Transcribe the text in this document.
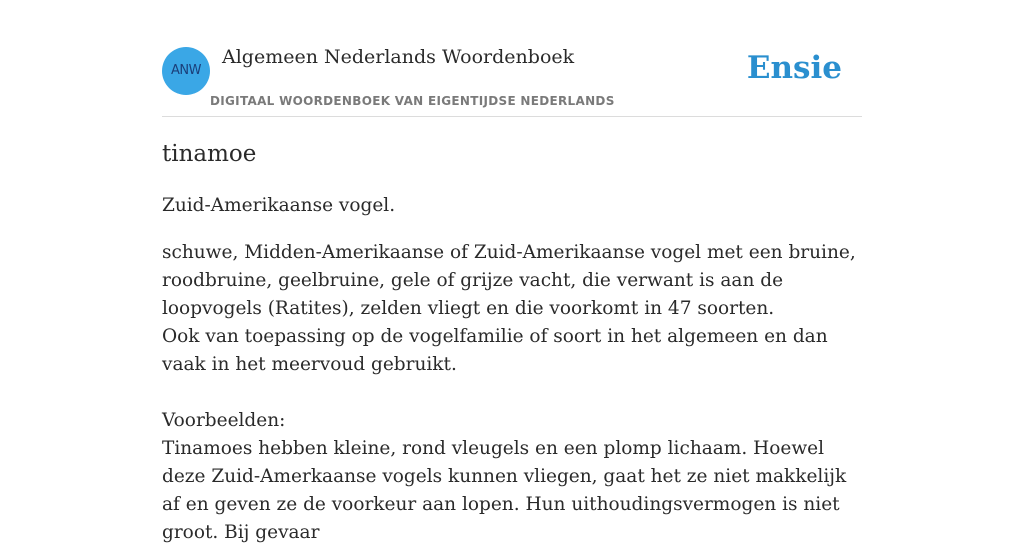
ANW
Algemeen Nederlands Woordenboek
DIGITAAL WOORDENBOEK VAN EIGENTIJDSE NEDERLANDS
Ensie
tinamoe
Zuid-Amerikaanse vogel.

schuwe, Midden-Amerikaanse of Zuid-Amerikaanse vogel met een bruine, roodbruine, geelbruine, gele of grijze vacht, die verwant is aan de loopvogels (Ratites), zelden vliegt en die voorkomt in 47 soorten.

Ook van toepassing op de vogelfamilie of soort in het algemeen en dan vaak in het meervoud gebruikt.

Voorbeelden:

Tinamoes hebben kleine, rond vleugels en een plomp lichaam. Hoewel deze Zuid-Amerkaanse vogels kunnen vliegen, gaat het ze niet makkelijk af en geven ze de voorkeur aan lopen. Hun uithoudingsvermogen is niet groot. Bij gevaar
